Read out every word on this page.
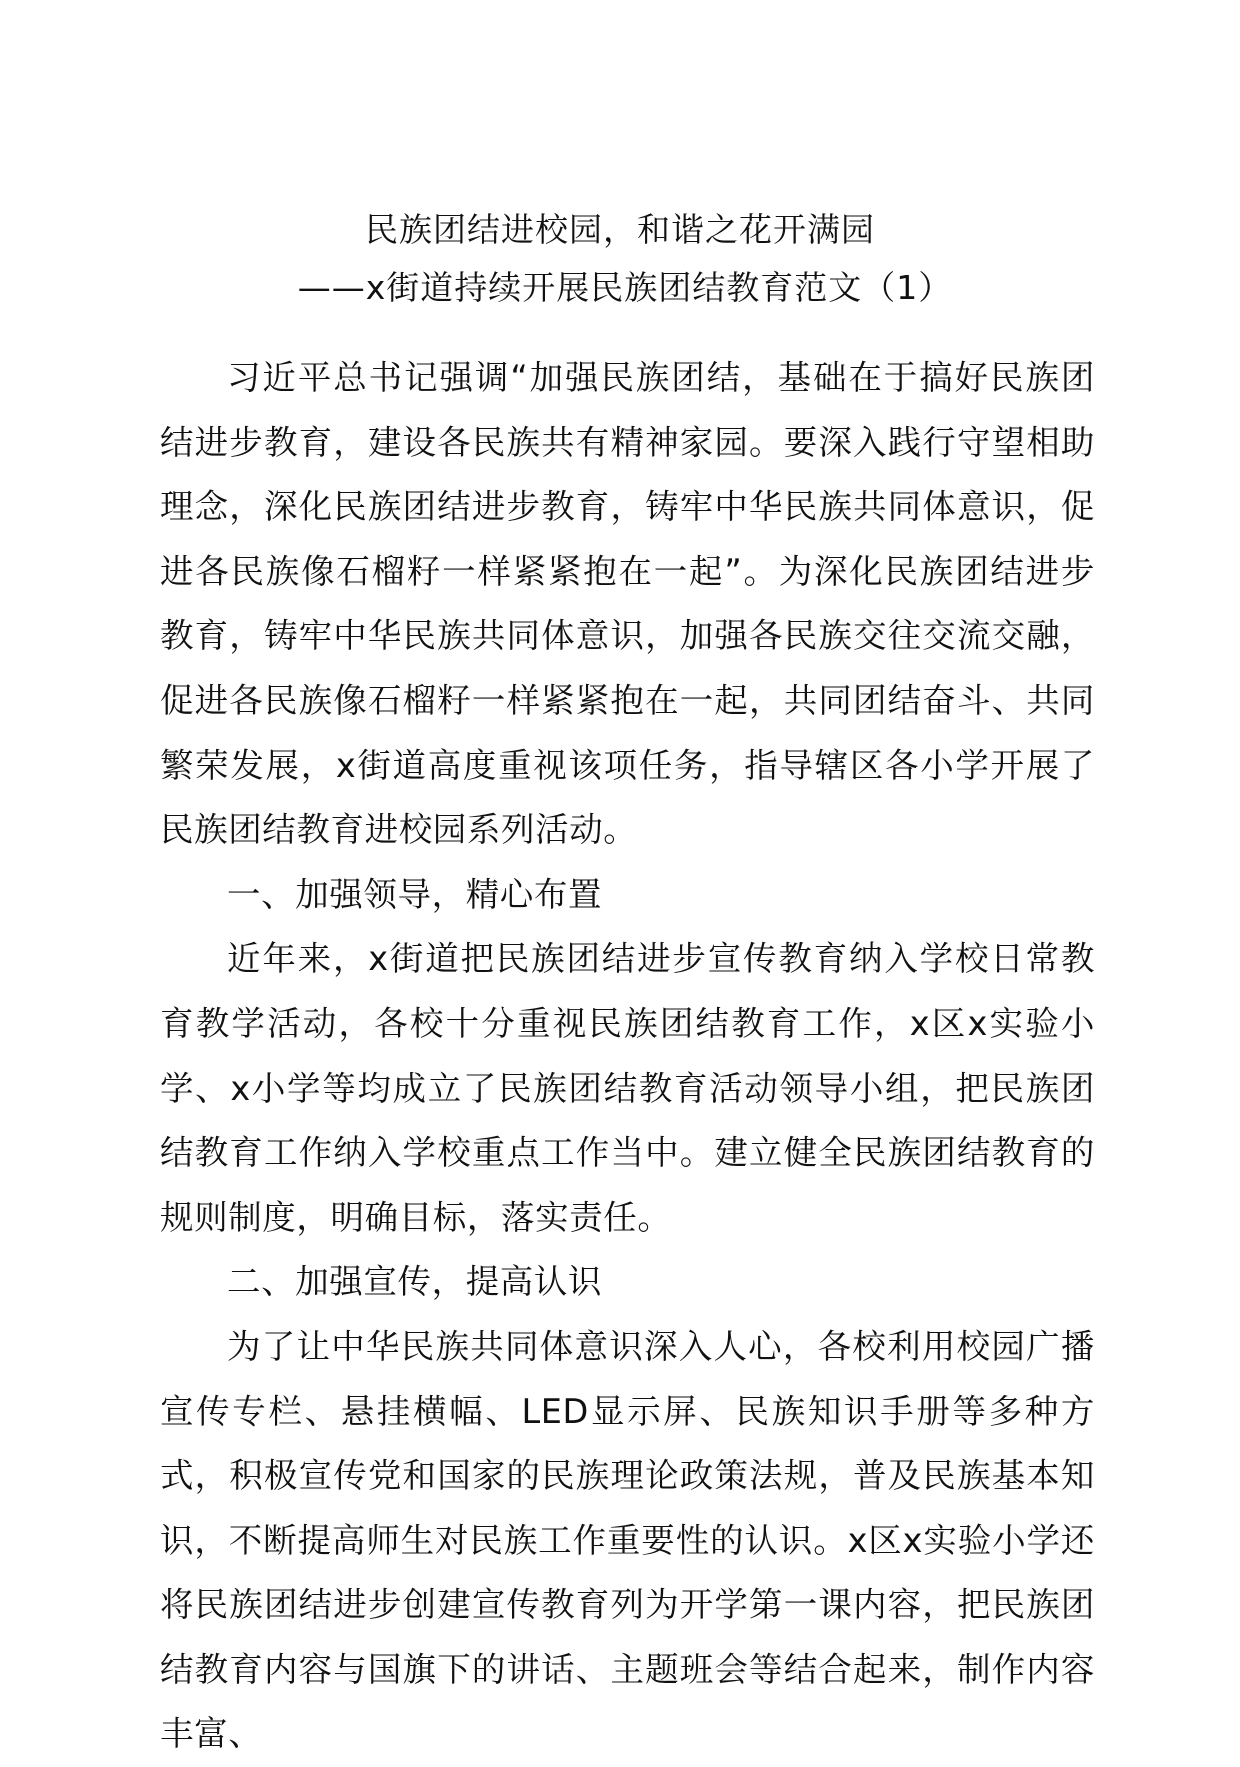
民族团结进校园，和谐之花开满园
——x街道持续开展民族团结教育范文（1）

习近平总书记强调“加强民族团结，基础在于搞好民族团结进步教育，建设各民族共有精神家园。要深入践行守望相助理念，深化民族团结进步教育，铸牢中华民族共同体意识，促进各民族像石榴籽一样紧紧抱在一起”。为深化民族团结进步教育，铸牢中华民族共同体意识，加强各民族交往交流交融，促进各民族像石榴籽一样紧紧抱在一起，共同团结奋斗、共同繁荣发展，x街道高度重视该项任务，指导辖区各小学开展了民族团结教育进校园系列活动。

一、加强领导，精心布置

近年来，x街道把民族团结进步宣传教育纳入学校日常教育教学活动，各校十分重视民族团结教育工作，x区x实验小学、x小学等均成立了民族团结教育活动领导小组，把民族团结教育工作纳入学校重点工作当中。建立健全民族团结教育的规则制度，明确目标，落实责任。

二、加强宣传，提高认识

为了让中华民族共同体意识深入人心，各校利用校园广播宣传专栏、悬挂横幅、LED显示屏、民族知识手册等多种方式，积极宣传党和国家的民族理论政策法规，普及民族基本知识，不断提高师生对民族工作重要性的认识。x区x实验小学还将民族团结进步创建宣传教育列为开学第一课内容，把民族团结教育内容与国旗下的讲话、主题班会等结合起来，制作内容丰富、
